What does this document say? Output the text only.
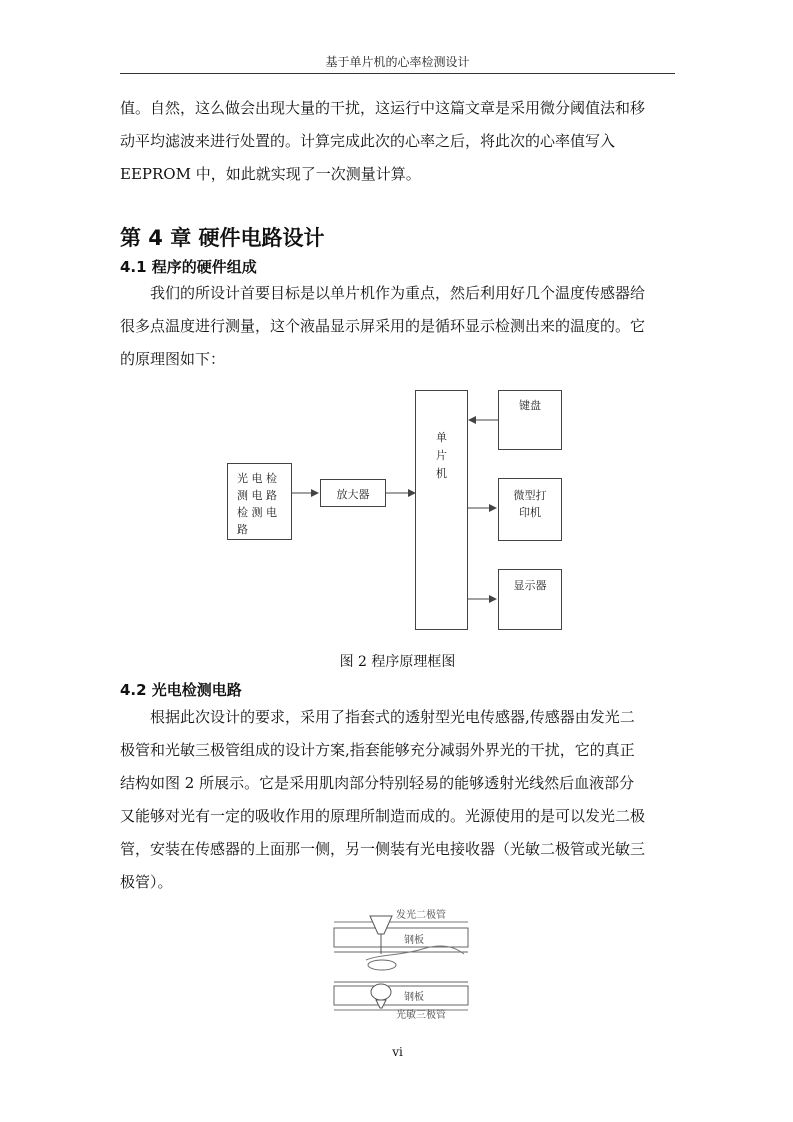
基于单片机的心率检测设计
值。自然，这么做会出现大量的干扰，这运行中这篇文章是采用微分阈值法和移
动平均滤波来进行处置的。计算完成此次的心率之后，将此次的心率值写入
EEPROM 中，如此就实现了一次测量计算。
第 4 章 硬件电路设计
4.1 程序的硬件组成
我们的所设计首要目标是以单片机作为重点，然后利用好几个温度传感器给
很多点温度进行测量，这个液晶显示屏采用的是循环显示检测出来的温度的。它
的原理图如下：
光 电 检
测 电 路
检 测 电
路
放大器
单
片
机
键盘
微型打
印机
显示器
图 2 程序原理框图
4.2 光电检测电路
根据此次设计的要求，采用了指套式的透射型光电传感器,传感器由发光二
极管和光敏三极管组成的设计方案,指套能够充分减弱外界光的干扰，它的真正
结构如图 2 所展示。它是采用肌肉部分特别轻易的能够透射光线然后血液部分
又能够对光有一定的吸收作用的原理所制造而成的。光源使用的是可以发光二极
管，安装在传感器的上面那一侧，另一侧装有光电接收器（光敏二极管或光敏三
极管）。
发光二极管
钢板
钢板
光敏三极管
vi
